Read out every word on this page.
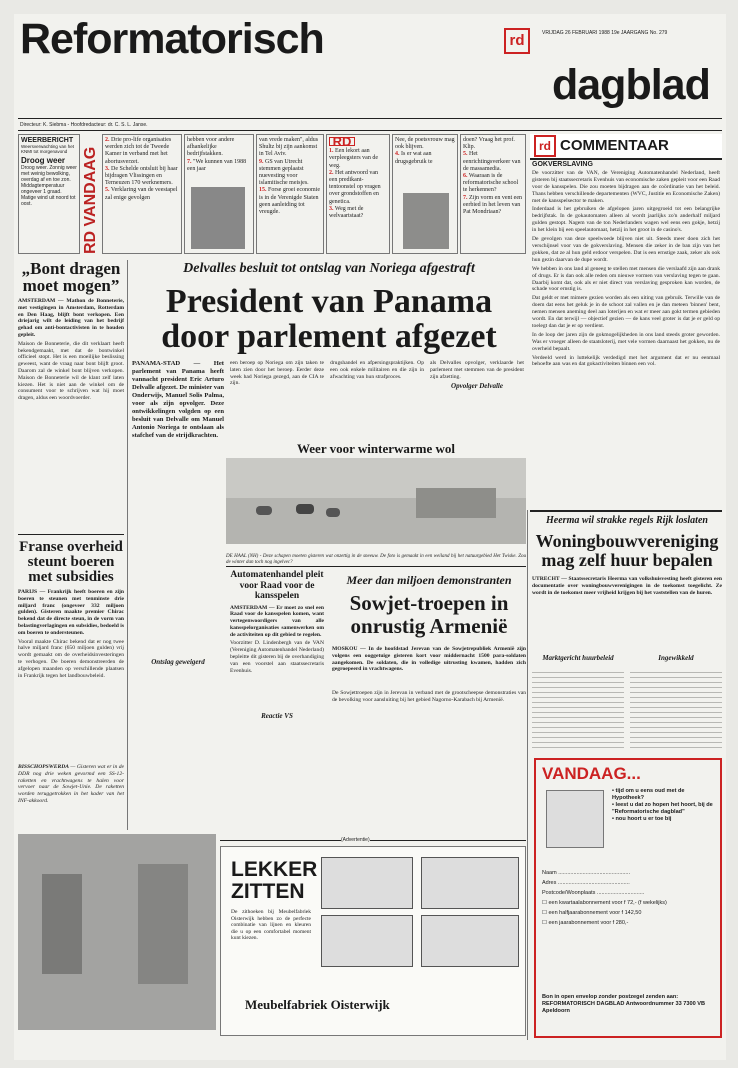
Reformatorisch	rd	VRIJDAG 26 FEBRUARI 1988 19e JAARGANG No. 279
dagblad
Directeur: K. Siebma - Hoofdredacteur: dr. C. S. L. Janse.
WEERBERICHT
Weersverwachting van het KNMI tot morgenavond
Droog weer
Droog weer. Zonnig weer met weinig bewolking, overdag af en toe zon. Middagtemperatuur ongeveer 1 graad. Matige wind uit noord tot oost.	RD VANDAAG
2. Drie pro-life organisaties werden zich tot de Tweede Kamer in verband met het abortusverzet.
3. De Schelde ontsluit bij haar bijdragen Vlissingen en Terneuzen 170 werknemers.
5. Verklaring van de veestapel zal enige gevolgen
hebben voor andere afhankelijke bedrijfstakken.
7. "We kunnen van 1988 een jaar
van vrede maken", aldus Shultz bij zijn aankomst in Tel Aviv.
9. GS van Utrecht stemmen geplaatst nuevesting voor islamitische meisjes.
15. Forse groei economie is in de Verenigde Staten geen aanleiding tot vreugde.
RD
1. Een lekort aan verpleegsters van de weg.
2. Het antwoord van een predikant-tentoonstel op vragen over grondstoffen en genetica.
3. Weg met de welvaartstaat?
Nee, de poetsvrouw mag ook blijven.
4. Is er wat aan drugsgebruik te
doen? Vraag het prof. Klip.
5. Het eenrichtingsverkeer van de massamedia.
6. Waaraan is de reformatorische school te herkennen?
7. Zijn vorm en vent een eerbied in het leven van Pat Mondriaan?
rd COMMENTAAR
GOKVERSLAVING

De voorzitter van de VAN, de Vereniging Automatenhandel Nederland, heeft gisteren bij staatssecretaris Evenhuis van economische zaken gepleit voor een Raad voor de kansspelen. Die zou moeten bijdragen aan de coördinatie van het beleid. Thans hebben verschillende departementen (WVC, Justitie en Economische Zaken) met de kansspelsector te maken.

Inderdaad is het gebruiken de afgelopen jaren uitgegroeid tot een belangrijke bedrijfstak. In de gokautomaten alleen al wordt jaarlijks zo'n anderhalf miljard gulden gestopt. Nagem van de ton Nederlanders wagen wel eens een gokje, hetzij in het klein bij een speelautomaat, hetzij in het groot in de casino's.

De gevolgen van deze speelwoede blijven niet uit. Steeds meer doen zich het verschijnsel voor van de gokverslaving. Mensen die zeker in de ban zijn van het gokken, dat ze al hun geld erdoor verspelen. Dat is een ernstige zaak, zeker als ook hun gezin daarvan de dupe wordt.

We hebben in ons land al geneeg te stellen met mensen die verslaafd zijn aan drank of drugs. Er is dan ook alle reden om nieuwe vormen van verslaving tegen te gaan. Daarbij komt dat, ook als er niet direct van verslaving gesproken kan worden, de schade voor ernstig is.

Dat geldt er met mimere gezien worden als een uiting van gebruik. Terwille van de doem dat eens het geluk je in de schoot zal vallen en je dan meteen 'binnen' bent, nemen mensen aneming deel aan loterijen en wat er meer aan gokt termen gebieden wordt. En dat terwijl — objectief gezien — de kans veel groter is dat je er geld op toelegt dan dat je er op verdient.

In de loop der jaren zijn de gokmogelijkheden in ons land steeds groter geworden. Was er vroeger alleen de staatsloterij, met vele vormen daarnaast het gokken, nu de overheid bepaalt.

Verdeeld werd in luttekelijk verdedigd met het argument dat er nu eenmaal behoefte aan was en dat gokactiviteiten binnen een vol.

„Bont dragen moet mogen”
AMSTERDAM — Mathon de Bonneterie, met vestigingen in Amsterdam, Rotterdam en Den Haag, blijft bont verkopen. Een driejarig wilt de leiding van het bedrijf gehad om anti-bontactivisten in te houden gepleit.
Maison de Bonneterie, die dit verklaart heeft bekendgemaakt, met dat de bontwinkel officieel stopt. Het is een moeilijke beslissing geweest, want de vraag naar bont blijft groot. Daarom zal de winkel bont blijven verkopen. Maison de Bonneterie wil de klant zelf laten kiezen. Het is niet aan de winkel om de consument voor te schrijven wat hij moet dragen, aldus een woordvoerder.
Franse overheid steunt boeren met subsidies
PARIJS — Frankrijk heeft boeren en zijn boeren te steunen met tenminste drie miljard franc (ongeveer 332 miljoen gulden). Gisteren maakte premier Chirac bekend dat de directe steun, in de vorm van belastingverlagingen en subsidies, bedoeld is om boeren te ondersteunen.
Vooral maakte Chirac bekend dat er nog twee halve miljard franc (650 miljoen gulden) vrij wordt gemaakt om de overheidsinvesteringen te verhogen. De boeren demonstreerden de afgelopen maanden op verschillende plaatsen in Frankrijk tegen het landbouwbeleid.
BISSCHOPSWERDA — Gisteren wat er in de DDR nog drie weken gevormd een SS-12-raketten en vrachtwagens te halen voor vervoer naar de Sowjet-Unie. De raketten worden teruggetrokken in het kader van het INF-akkoord.
Delvalles besluit tot ontslag van Noriega afgestraft
President van Panama door parlement afgezet
PANAMA-STAD — Het parlement van Panama heeft vannacht president Eric Arturo Delvalle afgezet. De minister van Onderwijs, Manuel Solis Palma, voor als zijn opvolger. Deze ontwikkelingen volgden op een besluit van Delvalle om Manuel Antonio Noriega te ontslaan als stafchef van de strijdkrachten.
een beroep op Noriega om zijn taken te laten zien door het beroep. Eerder deze week had Noriega gezegd, aan de CIA te zijn.
drugshandel en afpersingspraktijken. Op een ook enkele militairen en die zijn in afwachting van hun strafproces.
als Delvalles opvolger, verklaarde het parlement met stemmen van de president zijn afzetting.
Opvolger Delvalle
Weer voor winterwarme wol
DE HAAL (NH) - Deze schapen moeten gisteren wat onzettig in de sneeuw. De foto is gemaakt in een weiland bij het natuurgebied Het Twiske. Zou de winter dan toch nog ingelvec?
Automatenhandel pleit voor Raad voor de kansspelen
AMSTERDAM — Er moet zo snel een Raad voor de kansspelen komen, want vertegenwoordigers van alle kansspelorganisaties samenwerken om de activiteiten op dit gebied te regelen.
Voorzitter D. Lindenbergh van de VAN (Vereniging Automatenhandel Nederland) bepleitte dit gisteren bij de overhandiging van een voorstel aan staatssecretaris Evenhuis.
Reactie VS
Ontslag geweigerd
Meer dan miljoen demonstranten
Sowjet-troepen in onrustig Armenië
MOSKOU — In de hoofdstad Jerevan van de Sowjetrepubliek Armenië zijn volgens een ooggetuige gisteren kort voor middernacht 1500 para-soldaten aangekomen. De soldaten, die in volledige uitrusting kwamen, hadden zich gegroepeerd in vrachtwagens.
De Sowjettroepen zijn in Jerevan in verband met de grootscheepse demonstraties van de bevolking voor aansluiting bij het gebied Nagorno-Karabach bij Armenië.
(Advertentie)
LEKKER ZITTEN
De zithoeken bij Meubelfabriek Oisterwijk hebben zo de perfecte combinatie van lijnen en kleuren die u op een comfortabel moment kunt kiezen.
Meubelfabriek Oisterwijk
Heerma wil strakke regels Rijk loslaten
Woningbouwvereniging mag zelf huur bepalen
UTRECHT — Staatssecretaris Heerma van volkshuisvesting heeft gisteren een documentatie over woningbouwverenigingen in de toekomst toegelicht. Ze wordt in de toekomst meer vrijheid krijgen bij het vaststellen van de huren.
Marktgericht huurbeleid	Ingewikkeld
VANDAAG...
• tijd om u eens oud met de Hypotheek?
• leest u dat zo hopen het hoort, bij de "Reformatorische dagblad"
• nou hoort u er toe bij
Naam ...............................................
Adres ...............................................
Postcode/Woonplaats ...............................
☐ een kwartaalabonnement voor f 72,- (f wekelijks)
☐ een halfjaarabonnement voor f 142,50
☐ een jaarabonnement voor f 280,-
Bon in open envelop zonder postzegel zenden aan: REFORMATORISCH DAGBLAD Antwoordnummer 33 7300 VB Apeldoorn
